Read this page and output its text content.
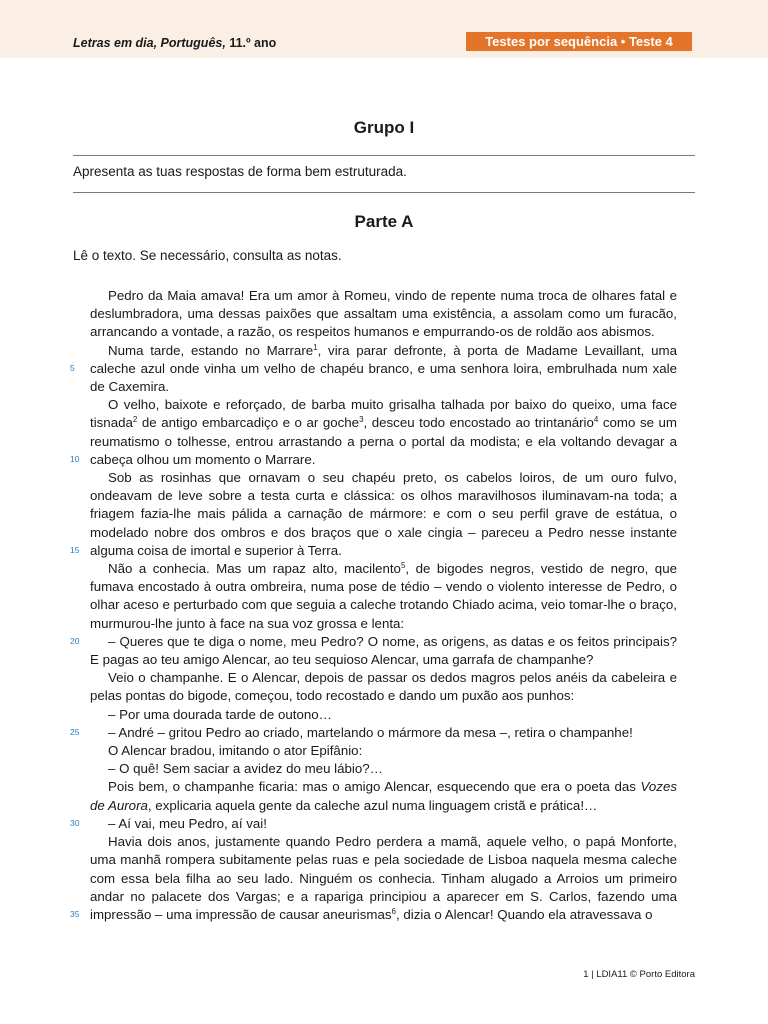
Letras em dia, Português, 11.º ano	Testes por sequência • Teste 4
Grupo I
Apresenta as tuas respostas de forma bem estruturada.
Parte A
Lê o texto. Se necessário, consulta as notas.
5
10
15
20
25
30
35

Pedro da Maia amava! Era um amor à Romeu, vindo de repente numa troca de olhares fatal e deslumbradora, uma dessas paixões que assaltam uma existência, a assolam como um furacão, arrancando a vontade, a razão, os respeitos humanos e empurrando-os de roldão aos abismos.

Numa tarde, estando no Marrare$^1$, vira parar defronte, à porta de Madame Levaillant, uma caleche azul onde vinha um velho de chapéu branco, e uma senhora loira, embrulhada num xale de Caxemira.

O velho, baixote e reforçado, de barba muito grisalha talhada por baixo do queixo, uma face tisnada$^2$ de antigo embarcadiço e o ar goche$^3$, desceu todo encostado ao trintanário$^4$ como se um reumatismo o tolhesse, entrou arrastando a perna o portal da modista; e ela voltando devagar a cabeça olhou um momento o Marrare.

Sob as rosinhas que ornavam o seu chapéu preto, os cabelos loiros, de um ouro fulvo, ondeavam de leve sobre a testa curta e clássica: os olhos maravilhosos iluminavam-na toda; a friagem fazia-lhe mais pálida a carnação de mármore: e com o seu perfil grave de estátua, o modelado nobre dos ombros e dos braços que o xale cingia – pareceu a Pedro nesse instante alguma coisa de imortal e superior à Terra.

Não a conhecia. Mas um rapaz alto, macilento$^5$, de bigodes negros, vestido de negro, que fumava encostado à outra ombreira, numa pose de tédio – vendo o violento interesse de Pedro, o olhar aceso e perturbado com que seguia a caleche trotando Chiado acima, veio tomar-lhe o braço, murmurou-lhe junto à face na sua voz grossa e lenta:

– Queres que te diga o nome, meu Pedro? O nome, as origens, as datas e os feitos principais? E pagas ao teu amigo Alencar, ao teu sequioso Alencar, uma garrafa de champanhe?

Veio o champanhe. E o Alencar, depois de passar os dedos magros pelos anéis da cabeleira e pelas pontas do bigode, começou, todo recostado e dando um puxão aos punhos:

– Por uma dourada tarde de outono…

– André – gritou Pedro ao criado, martelando o mármore da mesa –, retira o champanhe!

O Alencar bradou, imitando o ator Epifânio:

– O quê! Sem saciar a avidez do meu lábio?…

Pois bem, o champanhe ficaria: mas o amigo Alencar, esquecendo que era o poeta das Vozes de Aurora, explicaria aquela gente da caleche azul numa linguagem cristã e prática!…

– Aí vai, meu Pedro, aí vai!

Havia dois anos, justamente quando Pedro perdera a mamã, aquele velho, o papá Monforte, uma manhã rompera subitamente pelas ruas e pela sociedade de Lisboa naquela mesma caleche com essa bela filha ao seu lado. Ninguém os conhecia. Tinham alugado a Arroios um primeiro andar no palacete dos Vargas; e a rapariga principiou a aparecer em S. Carlos, fazendo uma impressão – uma impressão de causar aneurismas$^6$, dizia o Alencar! Quando ela atravessava o

1 | LDIA11 © Porto Editora
